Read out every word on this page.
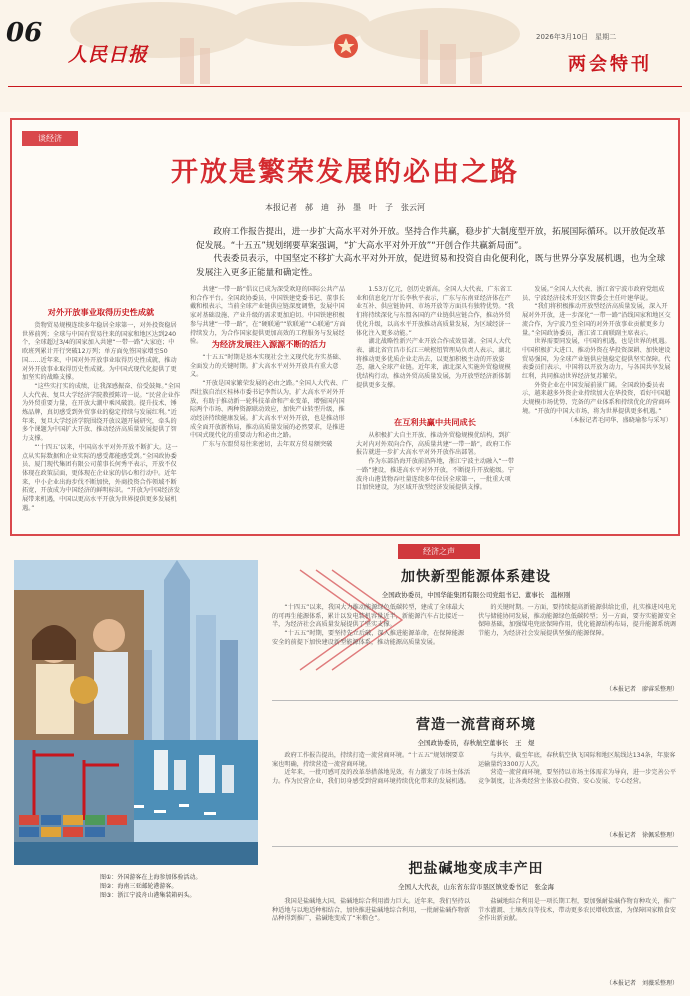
06
人民日报
2026年3月10日　星期二
两会特刊
谈经济
开放是繁荣发展的必由之路
本报记者　郝　迪　孙　墨　叶　子　张云河

政府工作报告提出，进一步扩大高水平对外开放。坚持合作共赢，稳步扩大制度型开放，拓展国际循环。以开放促改革促发展。“十五五”规划纲要草案强调，“扩大高水平对外开放”“开创合作共赢新局面”。

代表委员表示，中国坚定不移扩大高水平对外开放，促进贸易和投资自由化便利化，既与世界分享发展机遇，也为全球发展注入更多正能量和确定性。

对外开放事业取得历史性成就

货物贸易规模连续多年稳居全球第一，对外投资稳居世界前列；全球与中国有贸易往来的国家和地区达到240个，全球超过3/4的国家加入共建“一带一路”大家庭；中欧班列累计开行突破12万列；单方面免签国家增至50国……近年来，中国对外开放事业取得历史性成就，推动对外开放事业取得历史性成就。为中国式现代化提供了更加坚实的战略支撑。

“这些实打实的成绩，让我深感振奋、倍受鼓舞。”全国人大代表、复旦大学经济学院教授陈诗一说。“民营企业作为外贸重要力量，在开放大潮中乘风破浪。提升技术、锤炼品牌，真切感受到外贸事业的稳定持续与发展红利。”近年来，复旦大学经济学院围绕开放议题开展研究，牵头的多个课题为中国扩大开放、推动经济高质量发展提供了智力支撑。

“‘十四五’以来，中国高水平对外开放不断扩大。这一点从实际数据和企业实际的感受都能感受到。”全国政协委员、厦门现代集团有限公司董事长何秀平表示，开放不仅体现在政策层面，更体现在企业家的信心和行动中。近年来，中小企业出海步伐不断加快，外商投资合作领域不断拓宽，开放成为中国经济的鲜明标识。“开放为中国经济发展带来机遇，中国以更高水平开放为世界提供更多发展机遇。”

共建“一带一路”倡议已成为深受欢迎的国际公共产品和合作平台。全国政协委员、中国铁建党委书记、董事长戴和根表示，当前全球产业链供应链深度调整，发展中国家对基础设施、产业升级的需求更加迫切。中国铁建积极参与共建“一带一路”，在“硬联通”“软联通”“心联通”方面持续发力，为合作国家提供更加高效的工程服务与发展经验。	为经济发展注入源源不断的活力

“十五五”时期是基本实现社会主义现代化夯实基础、全面发力的关键时期。扩大高水平对外开放具有重大意义。

“开放是国家繁荣发展的必由之路。”全国人大代表、广西壮族自治区桂林市委书记李哲认为，扩大高水平对外开放，有助于推动新一轮科技革命和产业变革，增强国内国际两个市场、两种资源联动效应，加快产业转型升级，推动经济持续健康发展。扩大高水平对外开放，也是推动形成全面开放新格局，推动高质量发展的必然要求，是推进中国式现代化的重要动力和必由之路。

广东与东盟贸易往来密切，去年双方贸易额突破

1.53万亿元，创历史新高。全国人大代表、广东省工业和信息化厅厅长李秋平表示，广东与东南亚经济体在产业互补、供应链协同、市场开放等方面具有独特优势。“我们将持续深化与东盟各国的产业链供应链合作，推动外贸优化升级，以高水平开放推动高质量发展，为区域经济一体化注入更多动能。”

湖北战略性新兴产业开放合作成效显著。全国人大代表、湖北省宜昌市长江三峡枢纽管理局负责人表示，湖北将推动更多优质企业走出去，以更加积极主动的开放姿态，融入全球产业链。近年来，湖北深入实施外贸稳规模优结构行动，推动外贸高质量发展，为开放型经济新体制提供更多支撑。

在互利共赢中共同成长

从积极扩大自主开放、推动外贸稳规模优结构，到扩大对内对外双向合作，高质量共建“一带一路”，政府工作报告就进一步扩大高水平对外开放作出部署。

作为东部沿海开放前沿阵地，浙江宁波主动融入“一带一路”建设，推进高水平对外开放，不断提升开放能级。宁波舟山港货物吞吐量连续多年位居全球第一，一批重大项目加快建设，为区域开放型经济发展提供支撑。

发展。”全国人大代表、浙江省宁波市政府党组成员、宁波经济技术开发区管委会主任叶建华说。

“我们将积极推动开放型经济高质量发展，深入开展对外开放，进一步深化“一带一路”沿线国家和地区交流合作，为宁波乃至全国的对外开放事业贡献更多力量。”全国政协委员，浙江省工商联副主席表示。

世界需要同发展，中国的机遇，也是世界的机遇。中国积极扩大进口、推动外资在华投资深耕、加快建设贸易强国，为全球产业链供应链稳定提供坚实保障。代表委员们表示，中国将以开放为动力，与各国共享发展红利，共同推动世界经济复苏繁荣。

外资企业在中国发展前景广阔。全国政协委员表示，越来越多外资企业持续加大在华投资，看好中国超大规模市场优势、完备的产业体系和持续优化的营商环境。“开放的中国大市场，将为世界提供更多机遇。”

（本报记者毛同华、盛晓瑜参与采写）

图①：外国游客在上海参加体验活动。
图②：海南三亚邮轮港游客。
图③：浙江宁波舟山港集装箱码头。
经济之声
加快新型能源体系建设
全国政协委员，中国华能集团有限公司党组书记、董事长　温枢刚

“十四五”以来，我国大力推动能源绿色低碳转型，建成了全球最大的可再生能源体系，累计以发电装机容量近半，新能源汽车占比接近一半，为经济社会高质量发展提供了坚实支撑。

“十五五”时期，要坚持先立后破，深入推进能源革命，在保障能源安全的前提下加快建设新型能源体系，推动能源高质量发展。

的关键时期。一方面，要持续提高新能源供给比重，扎实推进风电光伏与储能协同发展，推动能源绿色低碳转型；另一方面，要夯实能源安全保障基础，加强煤电兜底保障作用，优化能源结构布局，提升能源系统调节能力，为经济社会发展提供坚强的能源保障。

（本报记者　廖睿采整理）
营造一流营商环境
全国政协委员，春秋航空董事长　王　煜

政府工作报告提出，持续打造一流营商环境。“十五五”规划纲要草案也明确，持续营造一流营商环境。

近年来，一批可感可及的改革举措落地见效，有力激发了市场主体活力。作为民营企业，我们切身感受到营商环境持续优化带来的发展机遇。

与共享，截至年底，春秋航空执飞国际和地区航线达134条，年旅客运输量约3300万人次。

营造一流营商环境，要坚持以市场主体需求为导向，进一步完善公平竞争制度，让各类经营主体放心投资、安心发展、专心经营。

（本报记者　徐佩采整理）
把盐碱地变成丰产田
全国人大代表，山东省东营市垦区镇党委书记　张金海

我国是盐碱地大国，盐碱地综合利用潜力巨大。近年来，我们坚持以种适地与以地适种相结合，加快推进盐碱地综合利用，一批耐盐碱作物新品种得到推广，盐碱地变成了“米粮仓”。

盐碱地综合利用是一项长期工程，要加强耐盐碱作物育种攻关，推广节水灌溉、土壤改良等技术，带动更多农民增收致富，为保障国家粮食安全作出新贡献。

（本报记者　刘薇采整理）
